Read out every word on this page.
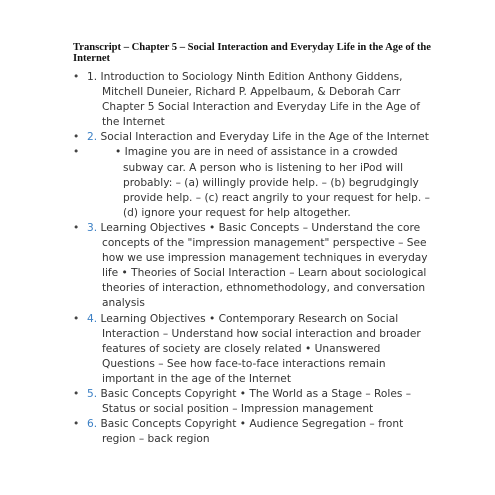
Transcript – Chapter 5 – Social Interaction and Everyday Life in the Age of the Internet
• 1. Introduction to Sociology Ninth Edition Anthony Giddens, Mitchell Duneier, Richard P. Appelbaum, & Deborah Carr Chapter 5 Social Interaction and Everyday Life in the Age of the Internet
• 2. Social Interaction and Everyday Life in the Age of the Internet
•	• Imagine you are in need of assistance in a crowded subway car. A person who is listening to her iPod will probably: – (a) willingly provide help. – (b) begrudgingly provide help. – (c) react angrily to your request for help. – (d) ignore your request for help altogether.
• 3. Learning Objectives • Basic Concepts – Understand the core concepts of the "impression management" perspective – See how we use impression management techniques in everyday life • Theories of Social Interaction – Learn about sociological theories of interaction, ethnomethodology, and conversation analysis
• 4. Learning Objectives • Contemporary Research on Social Interaction – Understand how social interaction and broader features of society are closely related • Unanswered Questions – See how face-to-face interactions remain important in the age of the Internet
• 5. Basic Concepts Copyright • The World as a Stage – Roles – Status or social position – Impression management
• 6. Basic Concepts Copyright • Audience Segregation – front region – back region
